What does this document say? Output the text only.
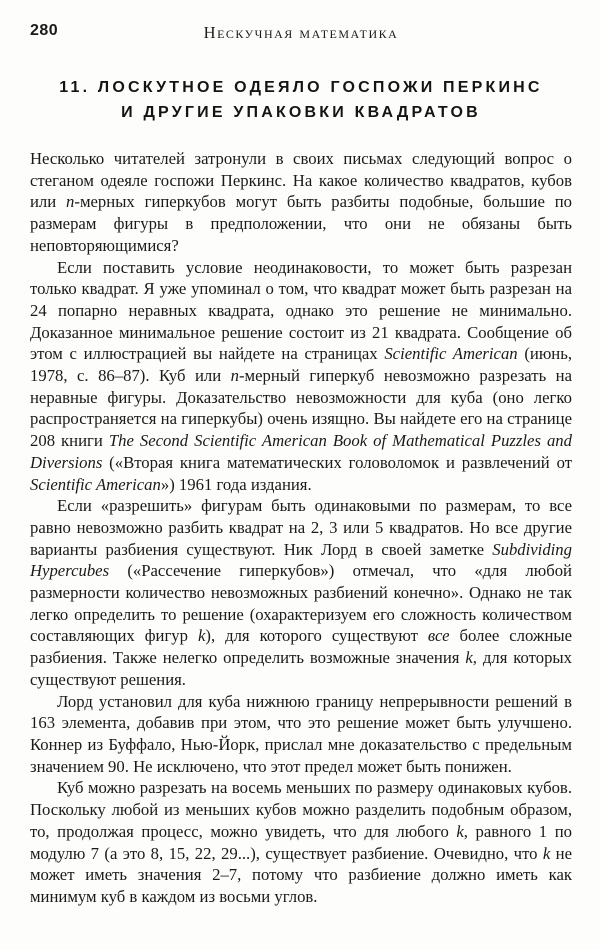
280	Нескучная математика
11. ЛОСКУТНОЕ ОДЕЯЛО ГОСПОЖИ ПЕРКИНС
И ДРУГИЕ УПАКОВКИ КВАДРАТОВ

Несколько читателей затронули в своих письмах следующий вопрос о стеганом одеяле госпожи Перкинс. На какое количество квадратов, кубов или n-мерных гиперкубов могут быть разбиты подобные, большие по размерам фигуры в предположении, что они не обязаны быть неповторяющимися?

Если поставить условие неодинаковости, то может быть разрезан только квадрат. Я уже упоминал о том, что квадрат может быть разрезан на 24 попарно неравных квадрата, однако это решение не минимально. Доказанное минимальное решение состоит из 21 квадрата. Сообщение об этом с иллюстрацией вы найдете на страницах Scientific American (июнь, 1978, с. 86–87). Куб или n-мерный гиперкуб невозможно разрезать на неравные фигуры. Доказательство невозможности для куба (оно легко распространяется на гиперкубы) очень изящно. Вы найдете его на странице 208 книги The Second Scientific American Book of Mathematical Puzzles and Diversions («Вторая книга математических головоломок и развлечений от Scientific American») 1961 года издания.

Если «разрешить» фигурам быть одинаковыми по размерам, то все равно невозможно разбить квадрат на 2, 3 или 5 квадратов. Но все другие варианты разбиения существуют. Ник Лорд в своей заметке Subdividing Hypercubes («Рассечение гиперкубов») отмечал, что «для любой размерности количество невозможных разбиений конечно». Однако не так легко определить то решение (охарактеризуем его сложность количеством составляющих фигур k), для которого существуют все более сложные разбиения. Также нелегко определить возможные значения k, для которых существуют решения.

Лорд установил для куба нижнюю границу непрерывности решений в 163 элемента, добавив при этом, что это решение может быть улучшено. Коннер из Буффало, Нью-Йорк, прислал мне доказательство с предельным значением 90. Не исключено, что этот предел может быть понижен.

Куб можно разрезать на восемь меньших по размеру одинаковых кубов. Поскольку любой из меньших кубов можно разделить подобным образом, то, продолжая процесс, можно увидеть, что для любого k, равного 1 по модулю 7 (а это 8, 15, 22, 29...), существует разбиение. Очевидно, что k не может иметь значения 2–7, потому что разбиение должно иметь как минимум куб в каждом из восьми углов.
